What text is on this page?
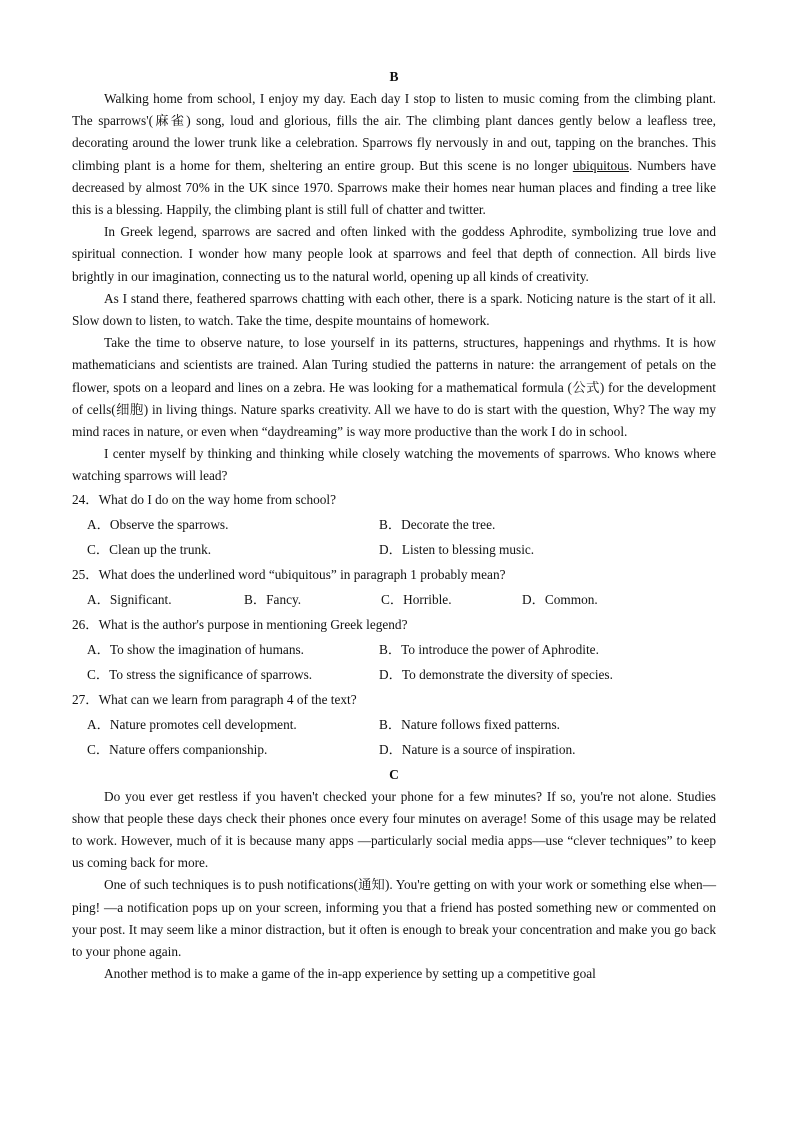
B

Walking home from school, I enjoy my day. Each day I stop to listen to music coming from the climbing plant. The sparrows'(麻雀) song, loud and glorious, fills the air. The climbing plant dances gently below a leafless tree, decorating around the lower trunk like a celebration. Sparrows fly nervously in and out, tapping on the branches. This climbing plant is a home for them, sheltering an entire group. But this scene is no longer ubiquitous. Numbers have decreased by almost 70% in the UK since 1970. Sparrows make their homes near human places and finding a tree like this is a blessing. Happily, the climbing plant is still full of chatter and twitter.

In Greek legend, sparrows are sacred and often linked with the goddess Aphrodite, symbolizing true love and spiritual connection. I wonder how many people look at sparrows and feel that depth of connection. All birds live brightly in our imagination, connecting us to the natural world, opening up all kinds of creativity.

As I stand there, feathered sparrows chatting with each other, there is a spark. Noticing nature is the start of it all. Slow down to listen, to watch. Take the time, despite mountains of homework.

Take the time to observe nature, to lose yourself in its patterns, structures, happenings and rhythms. It is how mathematicians and scientists are trained. Alan Turing studied the patterns in nature: the arrangement of petals on the flower, spots on a leopard and lines on a zebra. He was looking for a mathematical formula (公式) for the development of cells(细胞) in living things. Nature sparks creativity. All we have to do is start with the question, Why? The way my mind races in nature, or even when “daydreaming” is way more productive than the work I do in school.

I center myself by thinking and thinking while closely watching the movements of sparrows. Who knows where watching sparrows will lead?

24．What do I do on the way home from school?
A．Observe the sparrows.	B．Decorate the tree.
C．Clean up the trunk.	D．Listen to blessing music.
25．What does the underlined word “ubiquitous” in paragraph 1 probably mean?
A．Significant.	B．Fancy.	C．Horrible.	D．Common.
26．What is the author's purpose in mentioning Greek legend?
A．To show the imagination of humans.	B．To introduce the power of Aphrodite.
C．To stress the significance of sparrows.	D．To demonstrate the diversity of species.
27．What can we learn from paragraph 4 of the text?
A．Nature promotes cell development.	B．Nature follows fixed patterns.
C．Nature offers companionship.	D．Nature is a source of inspiration.
C

Do you ever get restless if you haven't checked your phone for a few minutes? If so, you're not alone. Studies show that people these days check their phones once every four minutes on average! Some of this usage may be related to work. However, much of it is because many apps —particularly social media apps—use “clever techniques” to keep us coming back for more.

One of such techniques is to push notifications(通知). You're getting on with your work or something else when—ping! —a notification pops up on your screen, informing you that a friend has posted something new or commented on your post. It may seem like a minor distraction, but it often is enough to break your concentration and make you go back to your phone again.

Another method is to make a game of the in-app experience by setting up a competitive goal
